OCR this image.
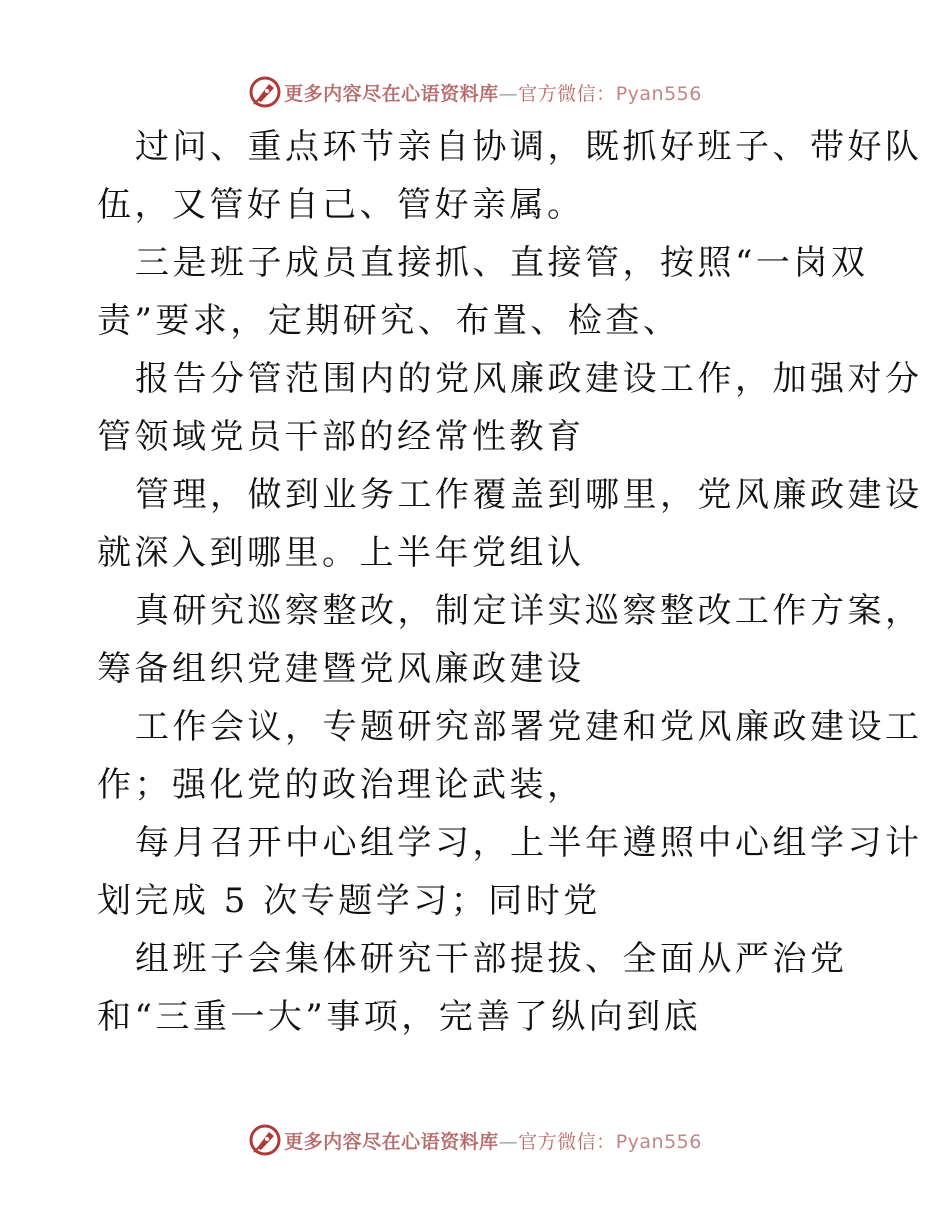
更多内容尽在心语资料库—官方微信：Pyan556
过问、重点环节亲自协调，既抓好班子、带好队
伍，又管好自己、管好亲属。
三是班子成员直接抓、直接管，按照“一岗双
责”要求，定期研究、布置、检查、
报告分管范围内的党风廉政建设工作，加强对分
管领域党员干部的经常性教育
管理，做到业务工作覆盖到哪里，党风廉政建设
就深入到哪里。上半年党组认
真研究巡察整改，制定详实巡察整改工作方案，
筹备组织党建暨党风廉政建设
工作会议，专题研究部署党建和党风廉政建设工
作；强化党的政治理论武装，
每月召开中心组学习，上半年遵照中心组学习计
划完成 5 次专题学习；同时党
组班子会集体研究干部提拔、全面从严治党
和“三重一大”事项，完善了纵向到底
更多内容尽在心语资料库—官方微信：Pyan556
